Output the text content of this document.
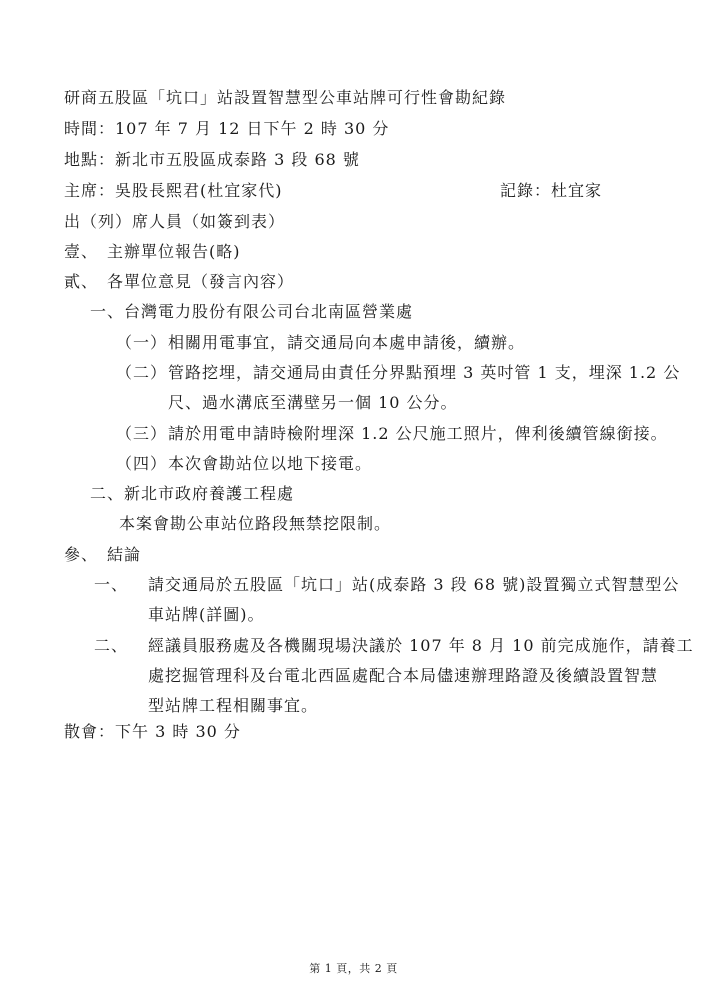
研商五股區「坑口」站設置智慧型公車站牌可行性會勘紀錄
時間：107 年 7 月 12 日下午 2 時 30 分
地點：新北市五股區成泰路 3 段 68 號
主席：吳股長熙君(杜宜家代)	記錄：杜宜家
出（列）席人員（如簽到表）
壹、 主辦單位報告(略)
貳、 各單位意見（發言內容）
一、台灣電力股份有限公司台北南區營業處
（一） 相關用電事宜，請交通局向本處申請後，續辦。
（二） 管路挖埋，請交通局由責任分界點預埋 3 英吋管 1 支，埋深 1.2 公
尺、過水溝底至溝壁另一個 10 公分。
（三） 請於用電申請時檢附埋深 1.2 公尺施工照片，俾利後續管線銜接。
（四） 本次會勘站位以地下接電。
二、新北市政府養護工程處
本案會勘公車站位路段無禁挖限制。
參、 結論
一、 請交通局於五股區「坑口」站(成泰路 3 段 68 號)設置獨立式智慧型公
車站牌(詳圖)。
二、 經議員服務處及各機關現場決議於 107 年 8 月 10 前完成施作，請養工
處挖掘管理科及台電北西區處配合本局儘速辦理路證及後續設置智慧
型站牌工程相關事宜。
散會：下午 3 時 30 分
第 1 頁，共 2 頁
